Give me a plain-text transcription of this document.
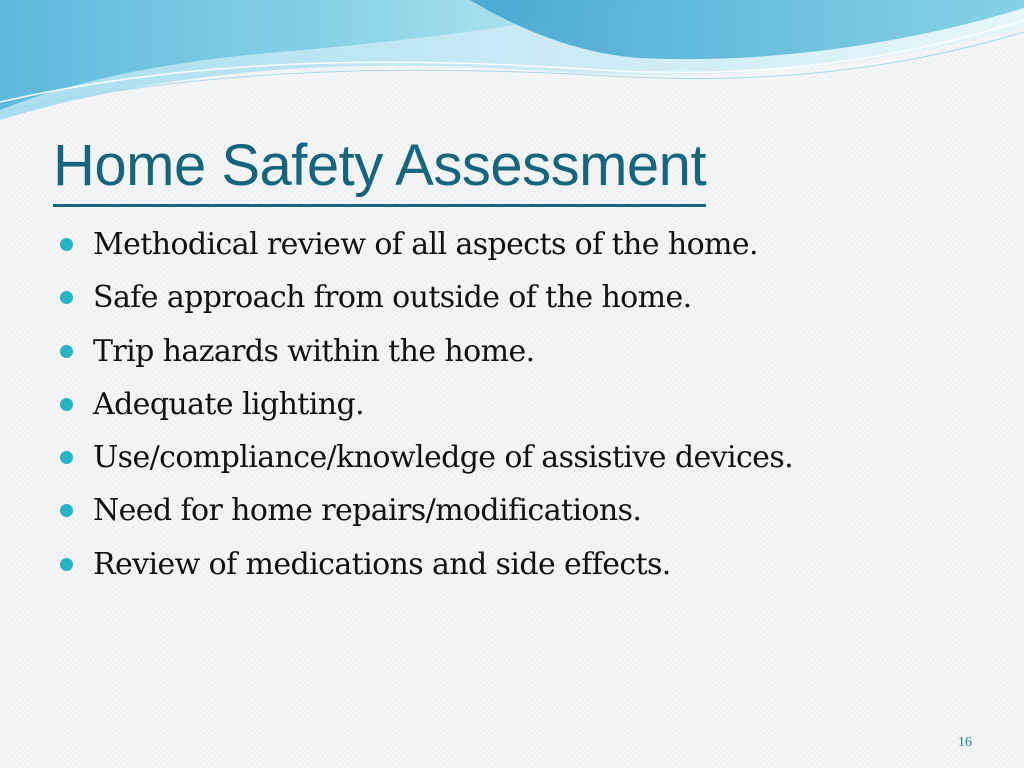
Home Safety Assessment
Methodical review of all aspects of the home.
Safe approach from outside of the home.
Trip hazards within the home.
Adequate lighting.
Use/compliance/knowledge of assistive devices.
Need for home repairs/modifications.
Review of medications and side effects.
16
